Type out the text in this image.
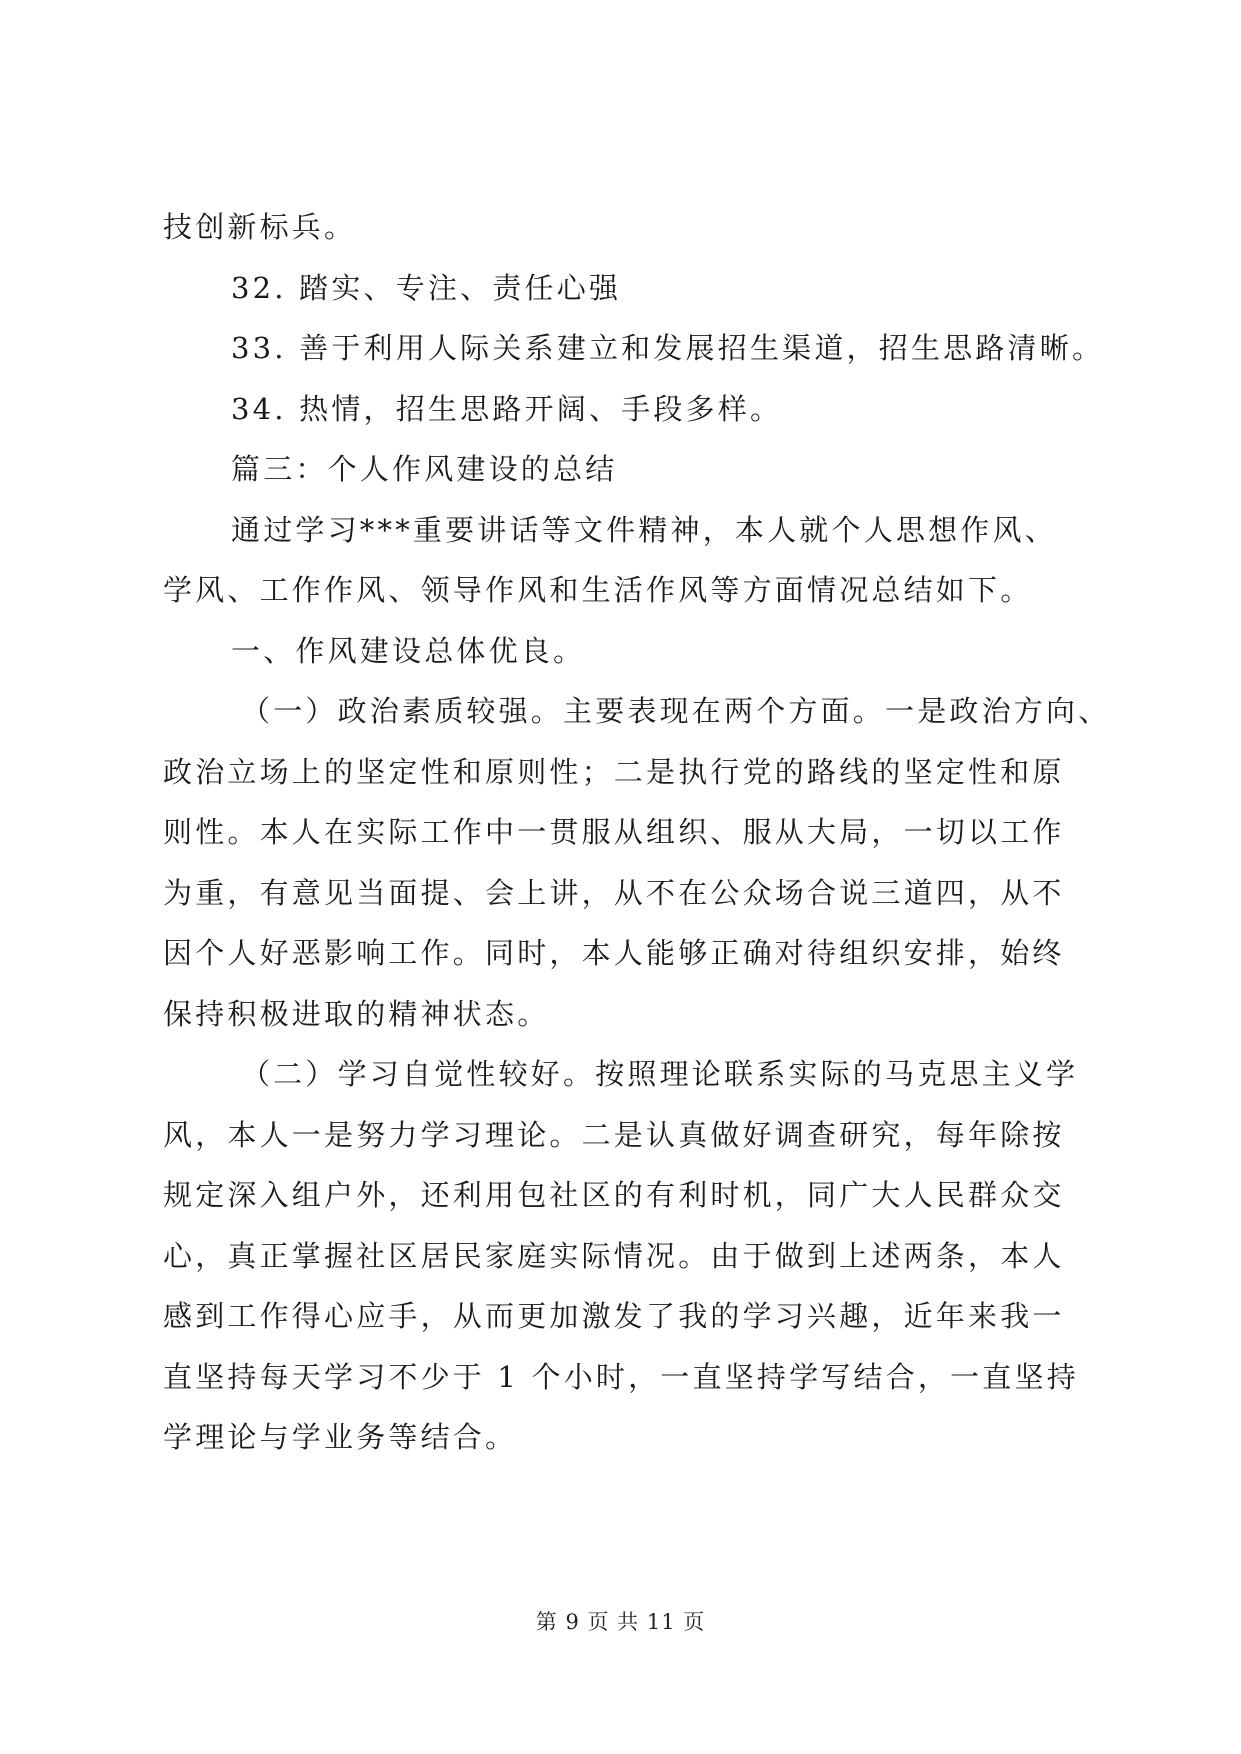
技创新标兵。
32. 踏实、专注、责任心强
33. 善于利用人际关系建立和发展招生渠道，招生思路清晰。
34. 热情，招生思路开阔、手段多样。
篇三：个人作风建设的总结
通过学习***重要讲话等文件精神，本人就个人思想作风、
学风、工作作风、领导作风和生活作风等方面情况总结如下。
一、作风建设总体优良。
（一）政治素质较强。主要表现在两个方面。一是政治方向、
政治立场上的坚定性和原则性；二是执行党的路线的坚定性和原
则性。本人在实际工作中一贯服从组织、服从大局，一切以工作
为重，有意见当面提、会上讲，从不在公众场合说三道四，从不
因个人好恶影响工作。同时，本人能够正确对待组织安排，始终
保持积极进取的精神状态。
（二）学习自觉性较好。按照理论联系实际的马克思主义学
风，本人一是努力学习理论。二是认真做好调查研究，每年除按
规定深入组户外，还利用包社区的有利时机，同广大人民群众交
心，真正掌握社区居民家庭实际情况。由于做到上述两条，本人
感到工作得心应手，从而更加激发了我的学习兴趣，近年来我一
直坚持每天学习不少于 1 个小时，一直坚持学写结合，一直坚持
学理论与学业务等结合。
第 9 页 共 11 页
